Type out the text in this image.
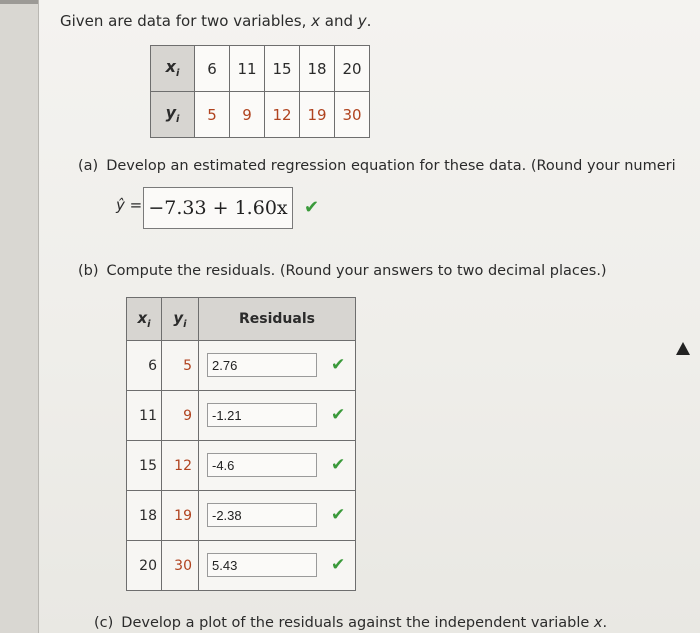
Given are data for two variables, x and y.
$x_i$	6	11	15	18	20
$y_i$	5	9	12	19	30
(a) Develop an estimated regression equation for these data. (Round your numeri
ŷ = −7.33 + 1.60x ✔
(b) Compute the residuals. (Round your answers to two decimal places.)
$x_i$	$y_i$	Residuals
6	5	2.76 ✔

11	9	-1.21 ✔

15	12	-4.6 ✔

18	19	-2.38 ✔

20	30	5.43 ✔
(c) Develop a plot of the residuals against the independent variable x.
